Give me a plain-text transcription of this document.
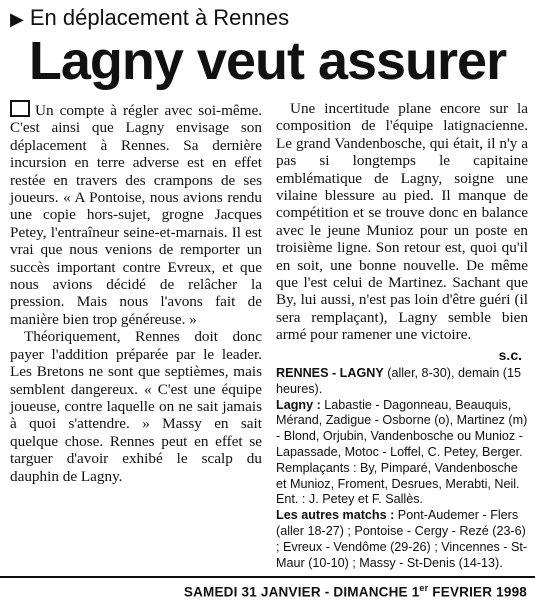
▶ En déplacement à Rennes
Lagny veut assurer

Un compte à régler avec soi-même. C'est ainsi que Lagny envisage son déplacement à Rennes. Sa dernière incursion en terre adverse est en effet restée en travers des crampons de ses joueurs. « A Pontoise, nous avions rendu une copie hors-sujet, grogne Jacques Petey, l'entraîneur seine-et-marnais. Il est vrai que nous venions de remporter un succès important contre Evreux, et que nous avions décidé de relâcher la pression. Mais nous l'avons fait de manière bien trop généreuse. »

Théoriquement, Rennes doit donc payer l'addition préparée par le leader. Les Bretons ne sont que septièmes, mais semblent dangereux. « C'est une équipe joueuse, contre laquelle on ne sait jamais à quoi s'attendre. » Massy en sait quelque chose. Rennes peut en effet se targuer d'avoir exhibé le scalp du dauphin de Lagny.

Une incertitude plane encore sur la composition de l'équipe latignacienne. Le grand Vandenbosche, qui était, il n'y a pas si longtemps le capitaine emblématique de Lagny, soigne une vilaine blessure au pied. Il manque de compétition et se trouve donc en balance avec le jeune Munioz pour un poste en troisième ligne. Son retour est, quoi qu'il en soit, une bonne nouvelle. De même que l'est celui de Martinez. Sachant que By, lui aussi, n'est pas loin d'être guéri (il sera remplaçant), Lagny semble bien armé pour ramener une victoire.

s.c.

RENNES - LAGNY (aller, 8-30), demain (15 heures).

Lagny : Labastie - Dagonneau, Beauquis, Mérand, Zadigue - Osborne (o), Martinez (m) - Blond, Orjubin, Vandenbosche ou Munioz - Lapassade, Motoc - Loffel, C. Petey, Berger.

Remplaçants : By, Pimparé, Vandenbosche et Munioz, Froment, Desrues, Merabti, Neil. Ent. : J. Petey et F. Sallès.

Les autres matchs : Pont-Audemer - Flers (aller 18-27) ; Pontoise - Cergy - Rezé (23-6) ; Evreux - Vendôme (29-26) ; Vincennes - St-Maur (10-10) ; Massy - St-Denis (14-13).

SAMEDI 31 JANVIER - DIMANCHE 1er FEVRIER 1998
